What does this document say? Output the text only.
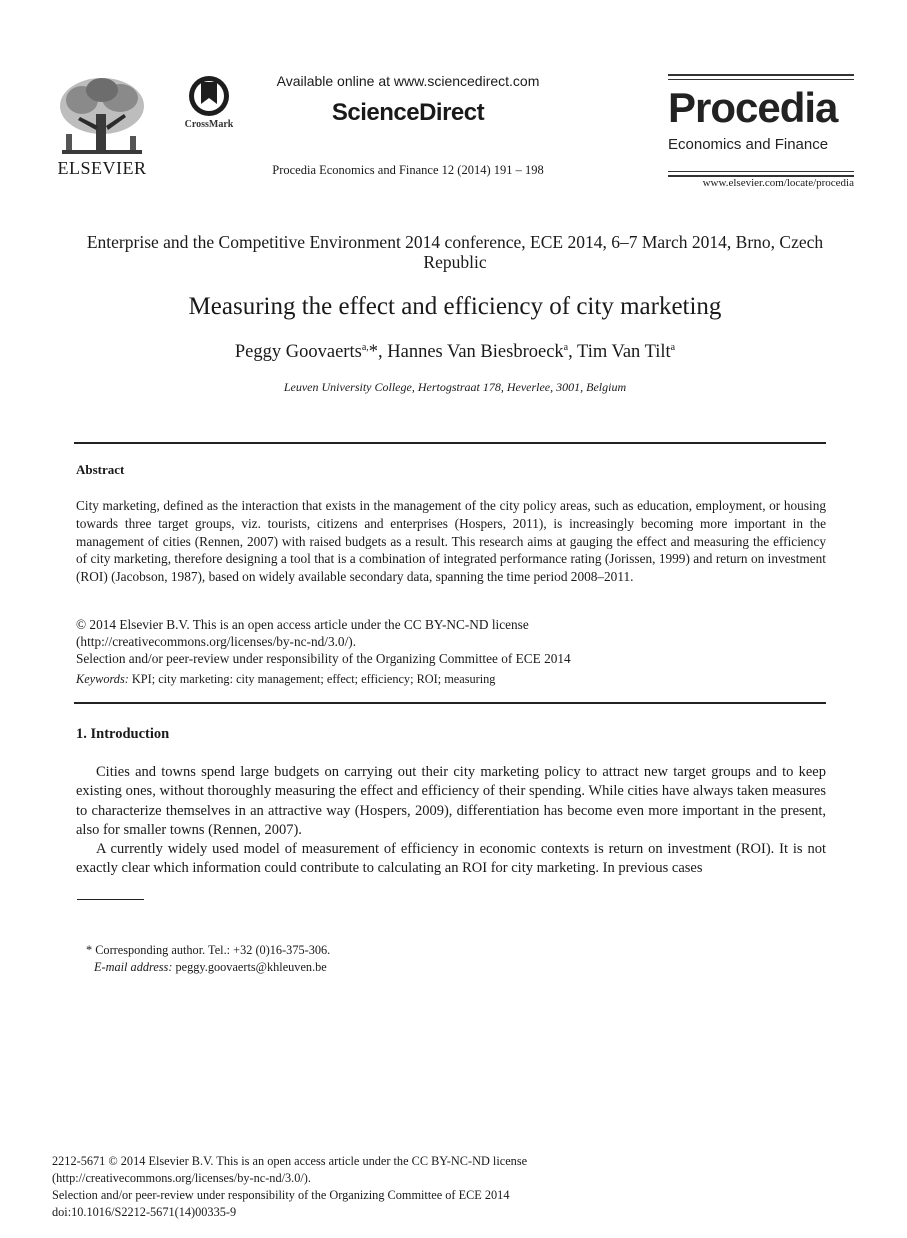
ELSEVIER
CrossMark
Available online at www.sciencedirect.com
ScienceDirect
Procedia Economics and Finance 12 (2014) 191 – 198
Procedia
Economics and Finance
www.elsevier.com/locate/procedia
Enterprise and the Competitive Environment 2014 conference, ECE 2014, 6–7 March 2014, Brno, Czech Republic
Measuring the effect and efficiency of city marketing
Peggy Goovaerts$^{a,}$*, Hannes Van Biesbroeck$^a$, Tim Van Tilt$^a$
Leuven University College, Hertogstraat 178, Heverlee, 3001, Belgium
Abstract
City marketing, defined as the interaction that exists in the management of the city policy areas, such as education, employment, or housing towards three target groups, viz. tourists, citizens and enterprises (Hospers, 2011), is increasingly becoming more important in the management of cities (Rennen, 2007) with raised budgets as a result. This research aims at gauging the effect and measuring the efficiency of city marketing, therefore designing a tool that is a combination of integrated performance rating (Jorissen, 1999) and return on investment (ROI) (Jacobson, 1987), based on widely available secondary data, spanning the time period 2008–2011.
© 2014 Elsevier B.V. This is an open access article under the CC BY-NC-ND license
(http://creativecommons.org/licenses/by-nc-nd/3.0/).
Selection and/or peer-review under responsibility of the Organizing Committee of ECE 2014
Keywords: KPI; city marketing: city management; effect; efficiency; ROI; measuring
1. Introduction

Cities and towns spend large budgets on carrying out their city marketing policy to attract new target groups and to keep existing ones, without thoroughly measuring the effect and efficiency of their spending. While cities have always taken measures to characterize themselves in an attractive way (Hospers, 2009), differentiation has become even more important in the present, also for smaller towns (Rennen, 2007).

A currently widely used model of measurement of efficiency in economic contexts is return on investment (ROI). It is not exactly clear which information could contribute to calculating an ROI for city marketing. In previous cases

* Corresponding author. Tel.: +32 (0)16-375-306.
E-mail address: peggy.goovaerts@khleuven.be
2212-5671 © 2014 Elsevier B.V. This is an open access article under the CC BY-NC-ND license
(http://creativecommons.org/licenses/by-nc-nd/3.0/).
Selection and/or peer-review under responsibility of the Organizing Committee of ECE 2014
doi:10.1016/S2212-5671(14)00335-9
